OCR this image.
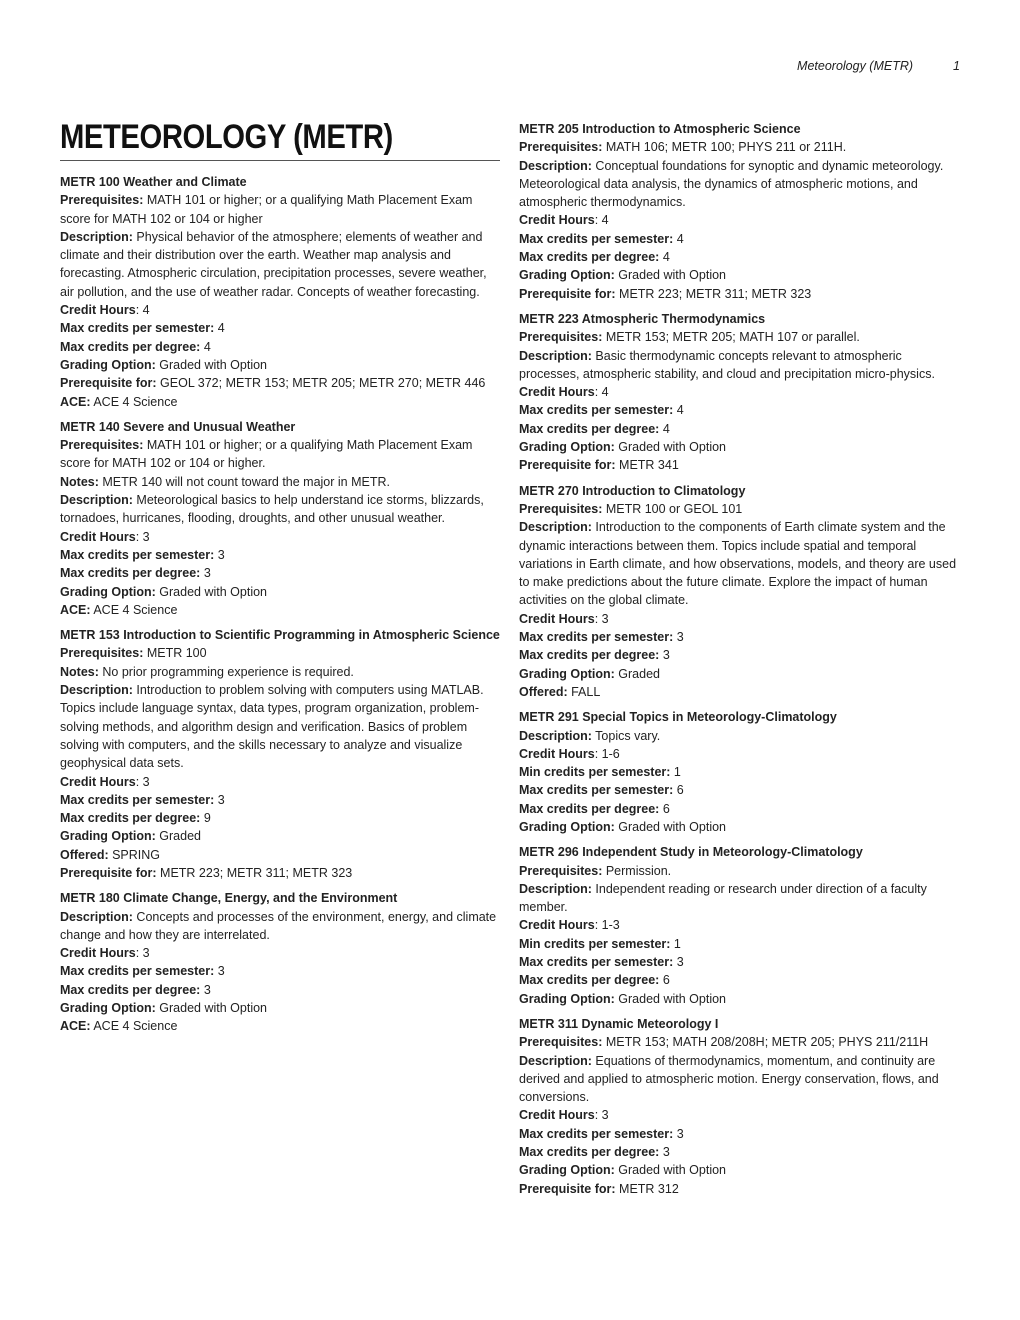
Meteorology (METR)	1
METEOROLOGY (METR)
METR 100 Weather and Climate
Prerequisites: MATH 101 or higher; or a qualifying Math Placement Exam score for MATH 102 or 104 or higher
Description: Physical behavior of the atmosphere; elements of weather and climate and their distribution over the earth. Weather map analysis and forecasting. Atmospheric circulation, precipitation processes, severe weather, air pollution, and the use of weather radar. Concepts of weather forecasting.
Credit Hours: 4
Max credits per semester: 4
Max credits per degree: 4
Grading Option: Graded with Option
Prerequisite for: GEOL 372; METR 153; METR 205; METR 270; METR 446
ACE: ACE 4 Science
METR 140 Severe and Unusual Weather
Prerequisites: MATH 101 or higher; or a qualifying Math Placement Exam score for MATH 102 or 104 or higher.
Notes: METR 140 will not count toward the major in METR.
Description: Meteorological basics to help understand ice storms, blizzards, tornadoes, hurricanes, flooding, droughts, and other unusual weather.
Credit Hours: 3
Max credits per semester: 3
Max credits per degree: 3
Grading Option: Graded with Option
ACE: ACE 4 Science
METR 153 Introduction to Scientific Programming in Atmospheric Science
Prerequisites: METR 100
Notes: No prior programming experience is required.
Description: Introduction to problem solving with computers using MATLAB. Topics include language syntax, data types, program organization, problem-solving methods, and algorithm design and verification. Basics of problem solving with computers, and the skills necessary to analyze and visualize geophysical data sets.
Credit Hours: 3
Max credits per semester: 3
Max credits per degree: 9
Grading Option: Graded
Offered: SPRING
Prerequisite for: METR 223; METR 311; METR 323
METR 180 Climate Change, Energy, and the Environment
Description: Concepts and processes of the environment, energy, and climate change and how they are interrelated.
Credit Hours: 3
Max credits per semester: 3
Max credits per degree: 3
Grading Option: Graded with Option
ACE: ACE 4 Science
METR 205 Introduction to Atmospheric Science
Prerequisites: MATH 106; METR 100; PHYS 211 or 211H.
Description: Conceptual foundations for synoptic and dynamic meteorology. Meteorological data analysis, the dynamics of atmospheric motions, and atmospheric thermodynamics.
Credit Hours: 4
Max credits per semester: 4
Max credits per degree: 4
Grading Option: Graded with Option
Prerequisite for: METR 223; METR 311; METR 323
METR 223 Atmospheric Thermodynamics
Prerequisites: METR 153; METR 205; MATH 107 or parallel.
Description: Basic thermodynamic concepts relevant to atmospheric processes, atmospheric stability, and cloud and precipitation micro-physics.
Credit Hours: 4
Max credits per semester: 4
Max credits per degree: 4
Grading Option: Graded with Option
Prerequisite for: METR 341
METR 270 Introduction to Climatology
Prerequisites: METR 100 or GEOL 101
Description: Introduction to the components of Earth climate system and the dynamic interactions between them. Topics include spatial and temporal variations in Earth climate, and how observations, models, and theory are used to make predictions about the future climate. Explore the impact of human activities on the global climate.
Credit Hours: 3
Max credits per semester: 3
Max credits per degree: 3
Grading Option: Graded
Offered: FALL
METR 291 Special Topics in Meteorology-Climatology
Description: Topics vary.
Credit Hours: 1-6
Min credits per semester: 1
Max credits per semester: 6
Max credits per degree: 6
Grading Option: Graded with Option
METR 296 Independent Study in Meteorology-Climatology
Prerequisites: Permission.
Description: Independent reading or research under direction of a faculty member.
Credit Hours: 1-3
Min credits per semester: 1
Max credits per semester: 3
Max credits per degree: 6
Grading Option: Graded with Option
METR 311 Dynamic Meteorology I
Prerequisites: METR 153; MATH 208/208H; METR 205; PHYS 211/211H
Description: Equations of thermodynamics, momentum, and continuity are derived and applied to atmospheric motion. Energy conservation, flows, and conversions.
Credit Hours: 3
Max credits per semester: 3
Max credits per degree: 3
Grading Option: Graded with Option
Prerequisite for: METR 312
